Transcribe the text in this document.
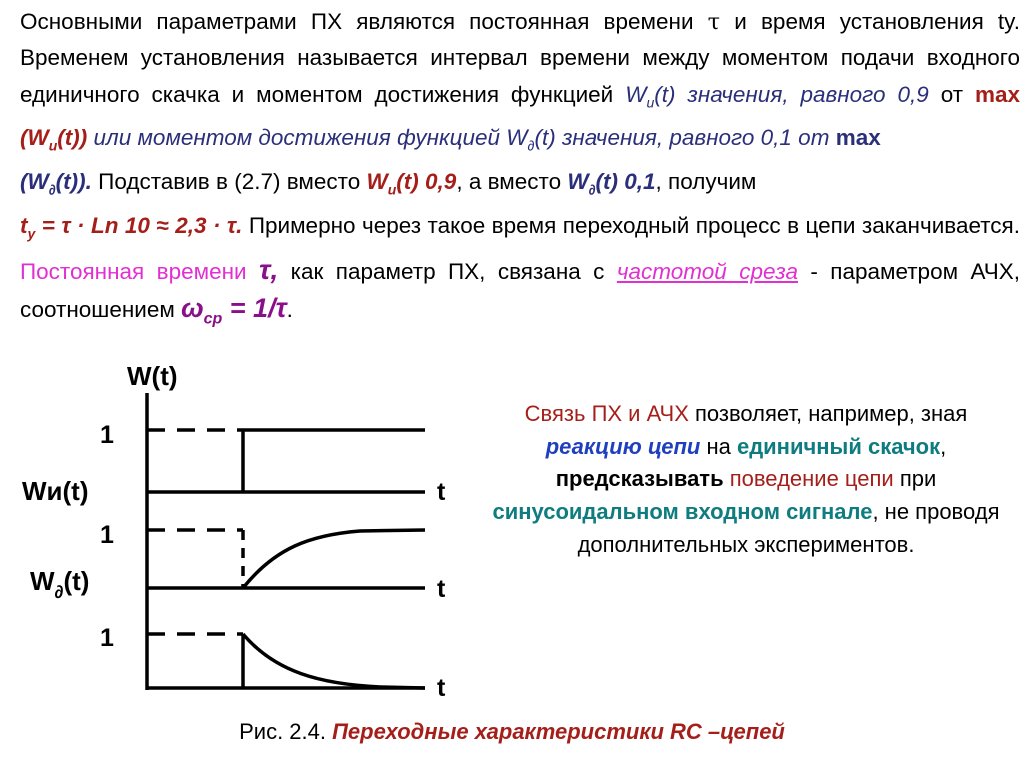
Основными параметрами ПХ являются постоянная времени τ и время установления ty. Временем установления называется интервал времени между моментом подачи входного единичного скачка и моментом достижения функцией $W_u(t)$ значения, равного 0,9 от $\max (W_u(t))$ или моментом достижения функцией $W_\partial(t)$ значения, равного 0,1 от max
$(W_\partial(t))$. Подставив в (2.7) вместо $W_u(t)$ 0,9, а вместо $W_\partial(t)$ 0,1, получим
$t_y = \tau \cdot Ln$ 10 ≈ 2,3 · τ. Примерно через такое время переходный процесс в цепи заканчивается. Постоянная времени τ, как параметр ПХ, связана с частотой среза - параметром АЧХ, соотношением $\omega_{ср} = 1/\tau$.

W(t)
1
Wи(t)	t
1
$W_\partial(t)$	t
1
t

Связь ПХ и АЧХ позволяет, например, зная реакцию цепи на единичный скачок, предсказывать поведение цепи при синусоидальном входном сигнале, не проводя дополнительных экспериментов.

Рис. 2.4. Переходные характеристики RC –цепей
